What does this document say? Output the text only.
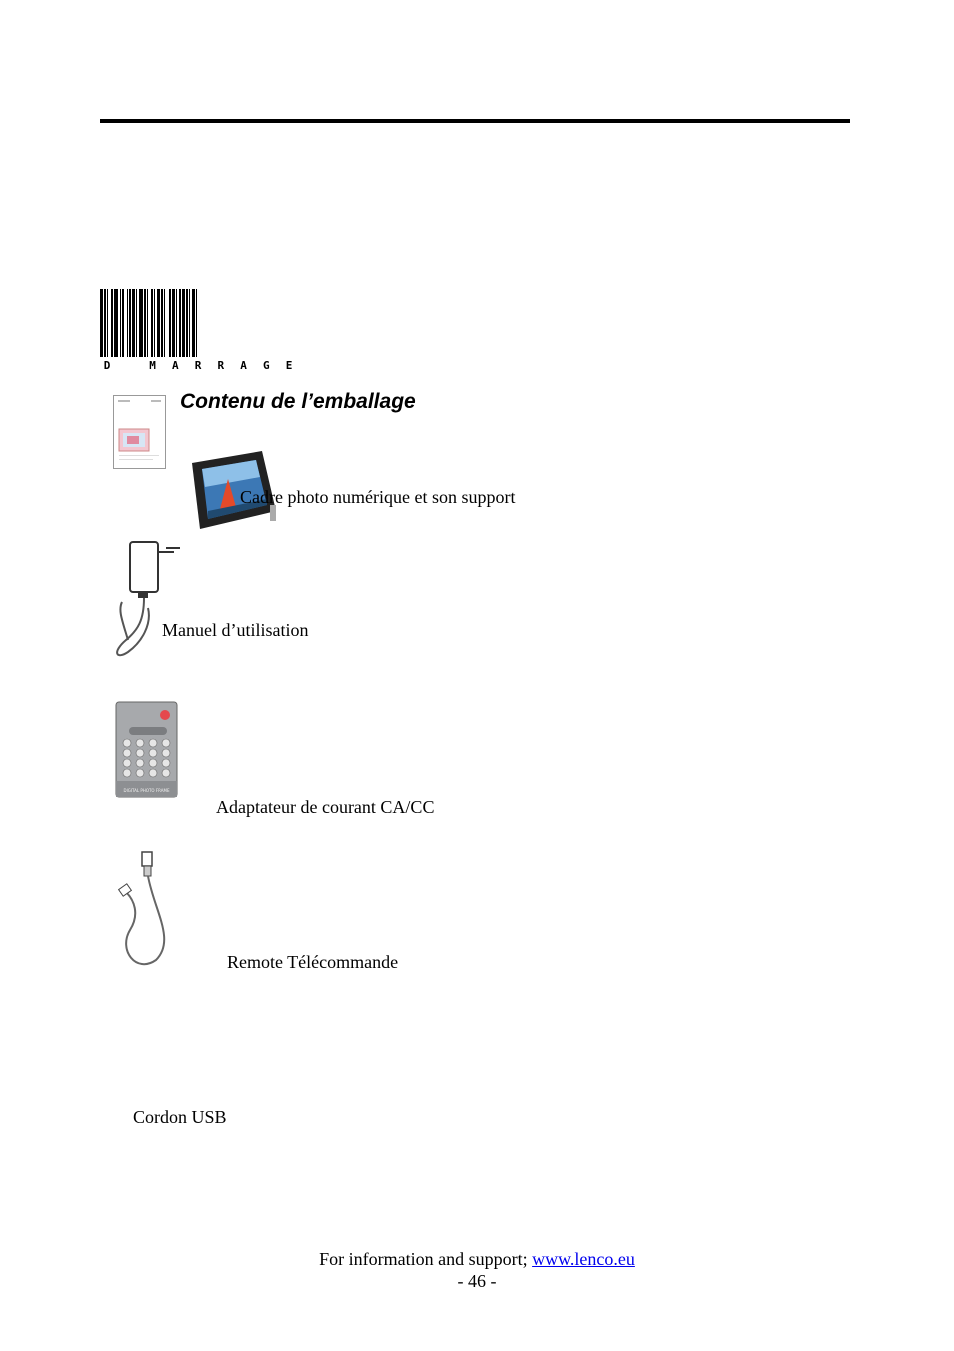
D	M	A	R	R	A	G	E
Contenu de l’emballage
Cadre photo numérique et son support
Manuel d’utilisation
DIGITAL PHOTO FRAME
Adaptateur de courant CA/CC
Remote Télécommande
Cordon USB
For information and support; www.lenco.eu
- 46 -
